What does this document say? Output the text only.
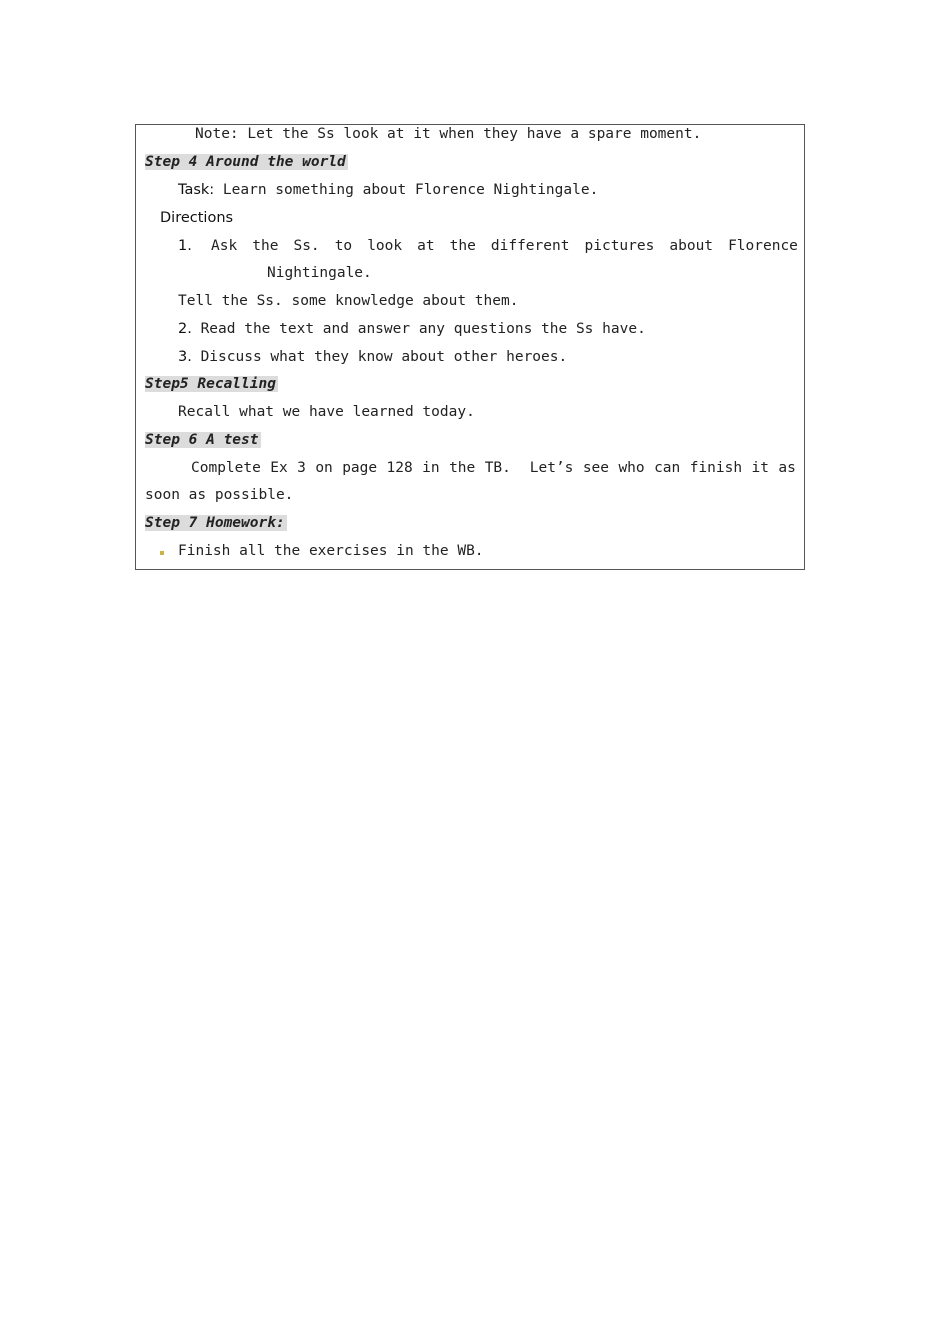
Note: Let the Ss look at it when they have a spare moment.
Step 4 Around the world
Task: Learn something about Florence Nightingale.
Directions
1. Ask the Ss. to look at the different pictures about Florence
Nightingale.
Tell the Ss. some knowledge about them.
2. Read the text and answer any questions the Ss have.
3. Discuss what they know about other heroes.
Step5 Recalling
Recall what we have learned today.
Step 6 A test
Complete Ex 3 on page 128 in the TB. Let’s see who can finish it as
soon as possible.
Step 7 Homework:
Finish all the exercises in the WB.
